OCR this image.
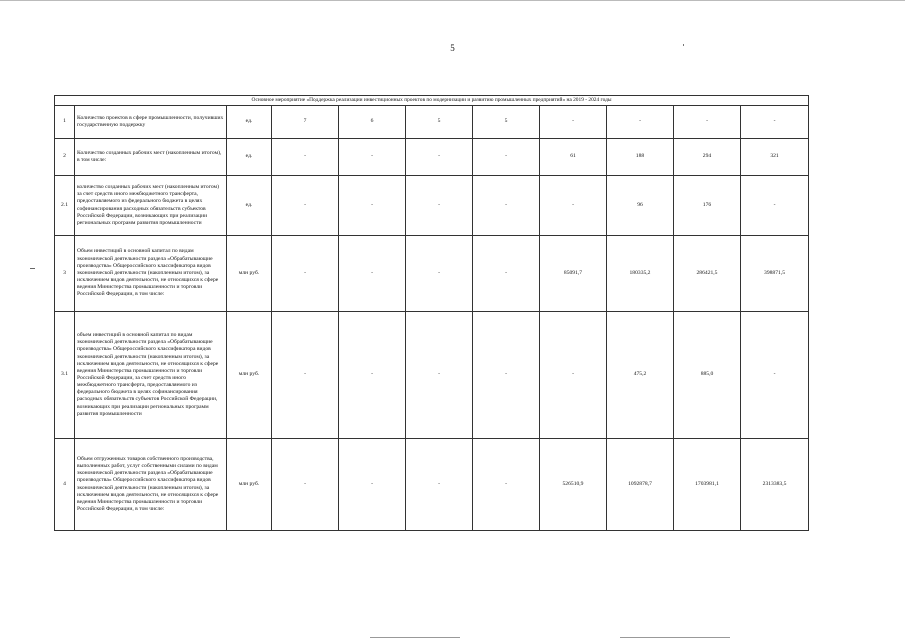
5
Основное мероприятие «Поддержка реализации инвестиционных проектов по модернизации и развитию промышленных предприятий» на 2019 - 2024 годы										
1	Количество проектов в сфере промышленности, получивших государственную поддержку	ед.	7	6	5	5	-	-	-	-
2	Количество созданных рабочих мест (накопленным итогом), в том числе:	ед.	-	-	-	-	61	188	294	321
2.1	количество созданных рабочих мест (накопленным итогом) за счет средств иного межбюджетного трансферта, предоставляемого из федерального бюджета в целях софинансирования расходных обязательств субъектов Российской Федерации, возникающих при реализации региональных программ развития промышленности	ед.	-	-	-	-	-	96	176	-
3	Объем инвестиций в основной капитал по видам экономической деятельности раздела «Обрабатывающие производства» Общероссийского классификатора видов экономической деятельности (накопленным итогом), за исключением видов деятельности, не относящихся к сфере ведения Министерства промышленности и торговли Российской Федерации, в том числе:	млн руб.	-	-	-	-	85091,7	180335,2	286421,5	398871,5
3.1	объем инвестиций в основной капитал по видам экономической деятельности раздела «Обрабатывающие производства» Общероссийского классификатора видов экономической деятельности (накопленным итогом), за исключением видов деятельности, не относящихся к сфере ведения Министерства промышленности и торговли Российской Федерации, за счет средств иного межбюджетного трансферта, предоставляемого из федерального бюджета в целях софинансирования расходных обязательств субъектов Российской Федерации, возникающих при реализации региональных программ развития промышленности	млн руб.	-	-	-	-	-	475,2	885,0	-
4	Объем отгруженных товаров собственного производства, выполненных работ, услуг собственными силами по видам экономической деятельности раздела «Обрабатывающие производства» Общероссийского классификатора видов экономической деятельности (накопленным итогом), за исключением видов деятельности, не относящихся к сфере ведения Министерства промышленности и торговли Российской Федерации, в том числе:	млн руб.	-	-	-	-	526510,9	1092878,7	1703981,1	2313383,5
